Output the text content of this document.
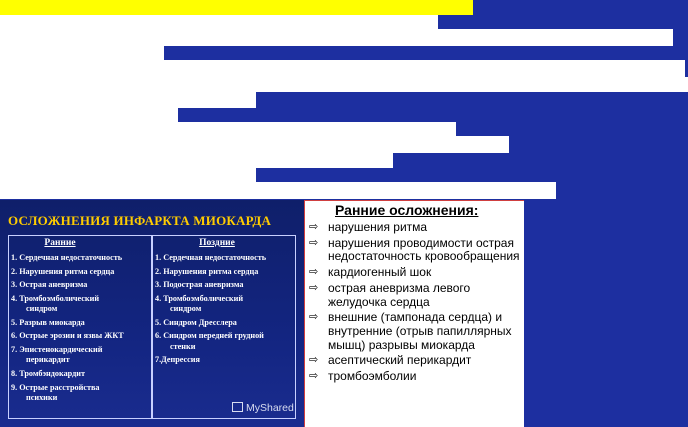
ОСЛОЖНЕНИЯ ИНФАРКТА МИОКАРДА
Ранние	Поздние
1. Сердечная недостаточность
2. Нарушения ритма сердца
3. Острая аневризма
4. Тромбоэмболический
синдром
5. Разрыв миокарда
6. Острые эрозии и язвы ЖКТ
7. Эпистенокардический
перикардит
8. Тромбэндокардит
9. Острые расстройства
психики
1. Сердечная недостаточность
2. Нарушения ритма сердца
3. Подострая аневризма
4. Тромбоэмболический
синдром
5. Синдром Дресслера
6. Синдром передней грудной
стенки
7.Депрессия
Ранние осложнения:
⇨ нарушения ритма
⇨ нарушения проводимости острая недостаточность кровообращения
⇨ кардиогенный шок
⇨ острая аневризма левого желудочка сердца
⇨ внешние (тампонада сердца) и внутренние (отрыв папиллярных мышц) разрывы миокарда
⇨ асептический перикардит
⇨ тромбоэмболии
MyShared
